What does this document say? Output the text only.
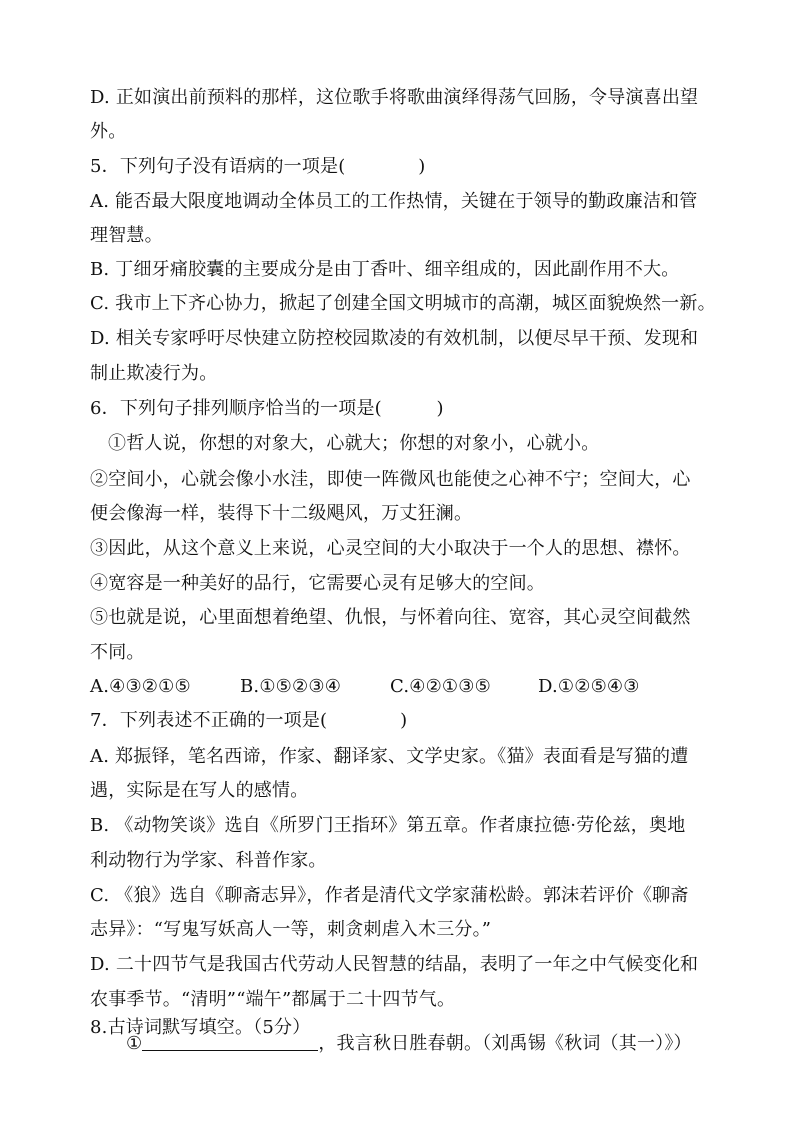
D. 正如演出前预料的那样，这位歌手将歌曲演绎得荡气回肠，令导演喜出望
外。
5．下列句子没有语病的一项是(　　　　)
A. 能否最大限度地调动全体员工的工作热情，关键在于领导的勤政廉洁和管
理智慧。
B. 丁细牙痛胶囊的主要成分是由丁香叶、细辛组成的，因此副作用不大。
C. 我市上下齐心协力，掀起了创建全国文明城市的高潮，城区面貌焕然一新。
D. 相关专家呼吁尽快建立防控校园欺凌的有效机制，以便尽早干预、发现和
制止欺凌行为。
6．下列句子排列顺序恰当的一项是(　　　)
①哲人说，你想的对象大，心就大；你想的对象小，心就小。
②空间小，心就会像小水洼，即使一阵微风也能使之心神不宁；空间大，心
便会像海一样，装得下十二级飓风，万丈狂澜。
③因此，从这个意义上来说，心灵空间的大小取决于一个人的思想、襟怀。
④宽容是一种美好的品行，它需要心灵有足够大的空间。
⑤也就是说，心里面想着绝望、仇恨，与怀着向往、宽容，其心灵空间截然
不同。
A.④③②①⑤	B.①⑤②③④	C.④②①③⑤	D.①②⑤④③
7．下列表述不正确的一项是(　　　　)
A. 郑振铎，笔名西谛，作家、翻译家、文学史家。《猫》表面看是写猫的遭
遇，实际是在写人的感情。
B. 《动物笑谈》选自《所罗门王指环》第五章。作者康拉德·劳伦兹，奥地
利动物行为学家、科普作家。
C. 《狼》选自《聊斋志异》，作者是清代文学家蒲松龄。郭沫若评价《聊斋
志异》：“写鬼写妖高人一等，刺贪刺虐入木三分。”
D. 二十四节气是我国古代劳动人民智慧的结晶，表明了一年之中气候变化和
农事季节。“清明”“端午”都属于二十四节气。
8.古诗词默写填空。（5分）
①	，我言秋日胜春朝。（刘禹锡《秋词（其一）》）
